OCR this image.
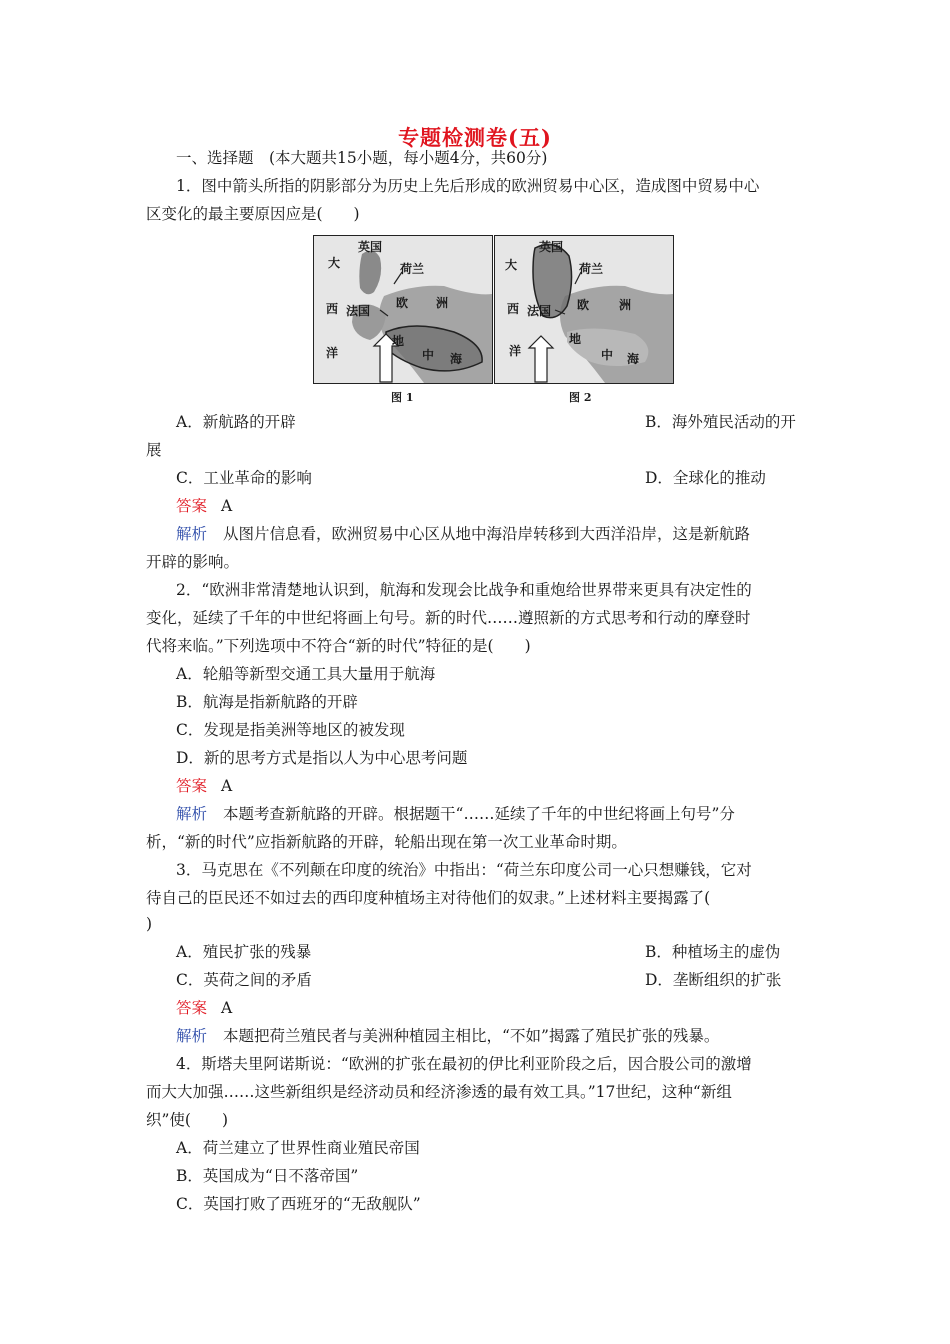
专题检测卷(五)
一、选择题　(本大题共15小题，每小题4分，共60分)
1．图中箭头所指的阴影部分为历史上先后形成的欧洲贸易中心区，造成图中贸易中心
区变化的最主要原因应是(　　)
英国
荷兰
大
西
洋
法国
欧 洲
地
中 海
英国
荷兰
大
西
洋
法国 欧 洲
地
中 海
图 1	图 2
A．新航路的开辟	B．海外殖民活动的开
展
C．工业革命的影响	D．全球化的推动
答案 A
解析 从图片信息看，欧洲贸易中心区从地中海沿岸转移到大西洋沿岸，这是新航路
开辟的影响。
2．“欧洲非常清楚地认识到，航海和发现会比战争和重炮给世界带来更具有决定性的
变化，延续了千年的中世纪将画上句号。新的时代……遵照新的方式思考和行动的摩登时
代将来临。”下列选项中不符合“新的时代”特征的是(　　)
A．轮船等新型交通工具大量用于航海
B．航海是指新航路的开辟
C．发现是指美洲等地区的被发现
D．新的思考方式是指以人为中心思考问题
答案 A
解析 本题考查新航路的开辟。根据题干“……延续了千年的中世纪将画上句号”分
析，“新的时代”应指新航路的开辟，轮船出现在第一次工业革命时期。
3．马克思在《不列颠在印度的统治》中指出：“荷兰东印度公司一心只想赚钱，它对
待自己的臣民还不如过去的西印度种植场主对待他们的奴隶。”上述材料主要揭露了(
)
A．殖民扩张的残暴	B．种植场主的虚伪
C．英荷之间的矛盾	D．垄断组织的扩张
答案 A
解析 本题把荷兰殖民者与美洲种植园主相比，“不如”揭露了殖民扩张的残暴。
4．斯塔夫里阿诺斯说：“欧洲的扩张在最初的伊比利亚阶段之后，因合股公司的激增
而大大加强……这些新组织是经济动员和经济渗透的最有效工具。”17世纪，这种“新组
织”使(　　)
A．荷兰建立了世界性商业殖民帝国
B．英国成为“日不落帝国”
C．英国打败了西班牙的“无敌舰队”
